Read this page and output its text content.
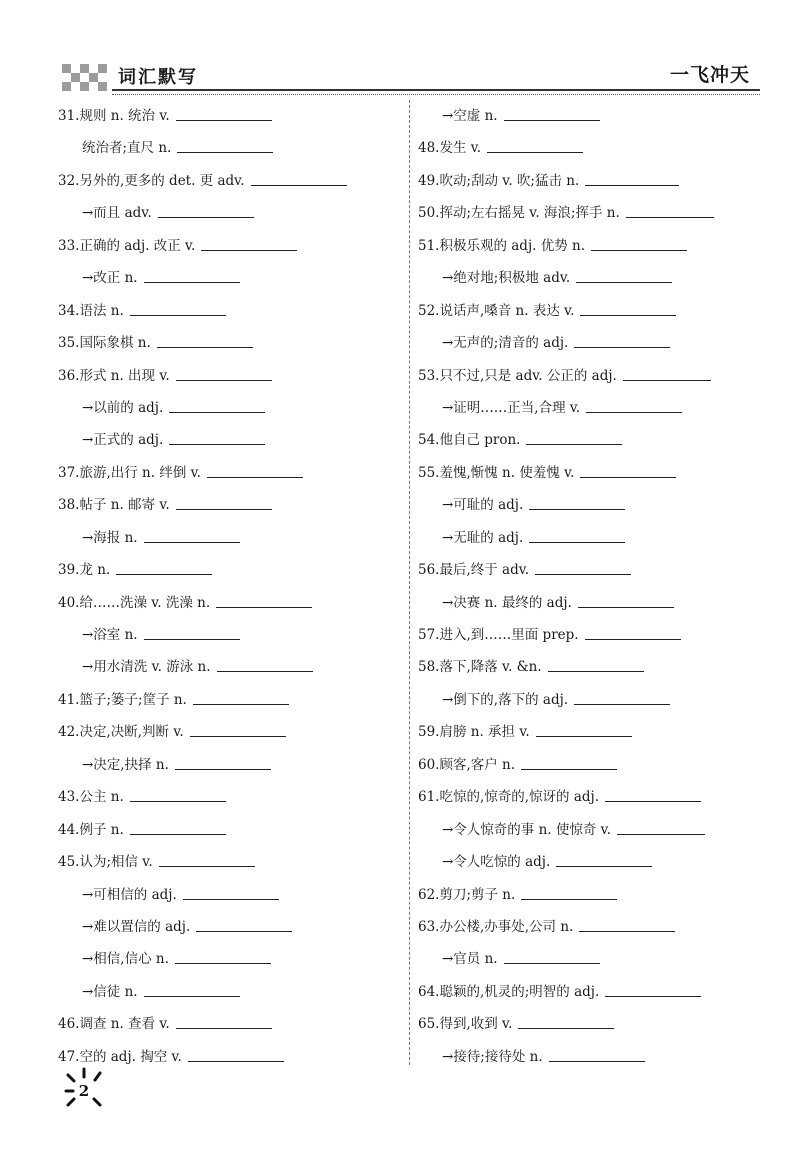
词汇默写	一飞冲天
31.规则 n. 统治 v.
统治者;直尺 n.
32.另外的,更多的 det. 更 adv.
→而且 adv.
33.正确的 adj. 改正 v.
→改正 n.
34.语法 n.
35.国际象棋 n.
36.形式 n. 出现 v.
→以前的 adj.
→正式的 adj.
37.旅游,出行 n. 绊倒 v.
38.帖子 n. 邮寄 v.
→海报 n.
39.龙 n.
40.给……洗澡 v. 洗澡 n.
→浴室 n.
→用水清洗 v. 游泳 n.
41.篮子;篓子;筐子 n.
42.决定,决断,判断 v.
→决定,抉择 n.
43.公主 n.
44.例子 n.
45.认为;相信 v.
→可相信的 adj.
→难以置信的 adj.
→相信,信心 n.
→信徒 n.
46.调查 n. 查看 v.
47.空的 adj. 掏空 v.
→空虚 n.
48.发生 v.
49.吹动;刮动 v. 吹;猛击 n.
50.挥动;左右摇晃 v. 海浪;挥手 n.
51.积极乐观的 adj. 优势 n.
→绝对地;积极地 adv.
52.说话声,嗓音 n. 表达 v.
→无声的;清音的 adj.
53.只不过,只是 adv. 公正的 adj.
→证明……正当,合理 v.
54.他自己 pron.
55.羞愧,惭愧 n. 使羞愧 v.
→可耻的 adj.
→无耻的 adj.
56.最后,终于 adv.
→决赛 n. 最终的 adj.
57.进入,到……里面 prep.
58.落下,降落 v. &n.
→倒下的,落下的 adj.
59.肩膀 n. 承担 v.
60.顾客,客户 n.
61.吃惊的,惊奇的,惊讶的 adj.
→令人惊奇的事 n. 使惊奇 v.
→令人吃惊的 adj.
62.剪刀;剪子 n.
63.办公楼,办事处,公司 n.
→官员 n.
64.聪颖的,机灵的;明智的 adj.
65.得到,收到 v.
→接待;接待处 n.
2
